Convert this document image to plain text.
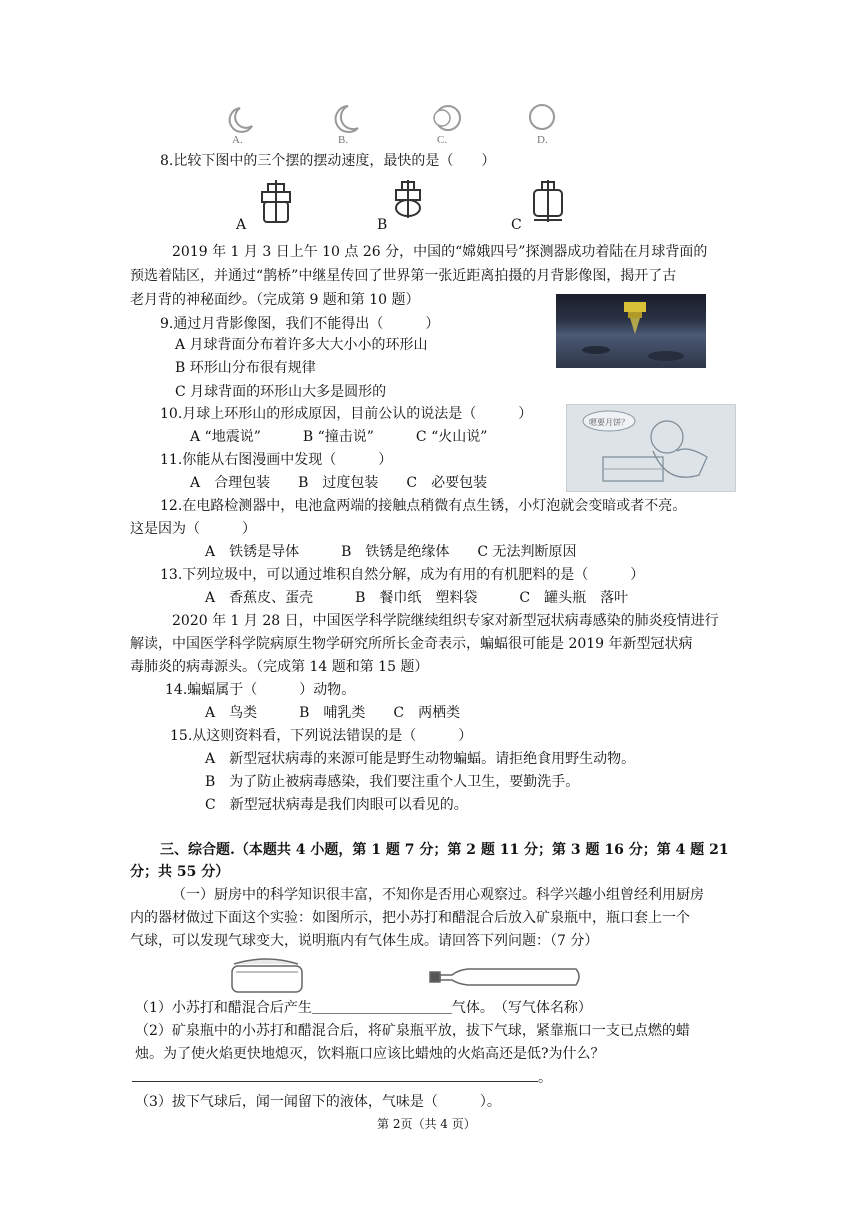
A.	B.	C.	D.
8.比较下图中的三个摆的摆动速度，最快的是（　　）
A	B	C
2019 年 1 月 3 日上午 10 点 26 分，中国的“嫦娥四号”探测器成功着陆在月球背面的
预选着陆区，并通过“鹊桥”中继星传回了世界第一张近距离拍摄的月背影像图，揭开了古
老月背的神秘面纱。（完成第 9 题和第 10 题）
9.通过月背影像图，我们不能得出（　　　）
A 月球背面分布着许多大大小小的环形山
B 环形山分布很有规律
C 月球背面的环形山大多是圆形的
嗯要月饼？
10.月球上环形山的形成原因，目前公认的说法是（　　　）
A “地震说”　　　B “撞击说”　　　C “火山说”
11.你能从右图漫画中发现（　　　）
A　合理包装　　B　过度包装　　C　必要包装
12.在电路检测器中，电池盒两端的接触点稍微有点生锈，小灯泡就会变暗或者不亮。
这是因为（　　　）
A　铁锈是导体　　　B　铁锈是绝缘体　　C 无法判断原因
13.下列垃圾中，可以通过堆积自然分解，成为有用的有机肥料的是（　　　）
A　香蕉皮、蛋壳　　　B　餐巾纸　塑料袋　　　C　罐头瓶　落叶
2020 年 1 月 28 日，中国医学科学院继续组织专家对新型冠状病毒感染的肺炎疫情进行
解读，中国医学科学院病原生物学研究所所长金奇表示，蝙蝠很可能是 2019 年新型冠状病
毒肺炎的病毒源头。（完成第 14 题和第 15 题）
14.蝙蝠属于（　　　）动物。
A　鸟类　　　B　哺乳类　　C　两栖类
15.从这则资料看，下列说法错误的是（　　　）
A　新型冠状病毒的来源可能是野生动物蝙蝠。请拒绝食用野生动物。
B　为了防止被病毒感染，我们要注重个人卫生，要勤洗手。
C　新型冠状病毒是我们肉眼可以看见的。
三、综合题.（本题共 4 小题，第 1 题 7 分；第 2 题 11 分；第 3 题 16 分；第 4 题 21
分；共 55 分）
（一）厨房中的科学知识很丰富，不知你是否用心观察过。科学兴趣小组曾经利用厨房
内的器材做过下面这个实验：如图所示，把小苏打和醋混合后放入矿泉瓶中，瓶口套上一个
气球，可以发现气球变大，说明瓶内有气体生成。请回答下列问题：（7 分）
（1）小苏打和醋混合后产生＿＿＿＿＿＿＿＿＿＿气体。　（写气体名称）
（2）矿泉瓶中的小苏打和醋混合后，将矿泉瓶平放，拔下气球，紧靠瓶口一支已点燃的蜡
烛。为了使火焰更快地熄灭，饮料瓶口应该比蜡烛的火焰高还是低?为什么？
。
（3）拔下气球后，闻一闻留下的液体，气味是（　　　）。
第 2页（共 4 页）
